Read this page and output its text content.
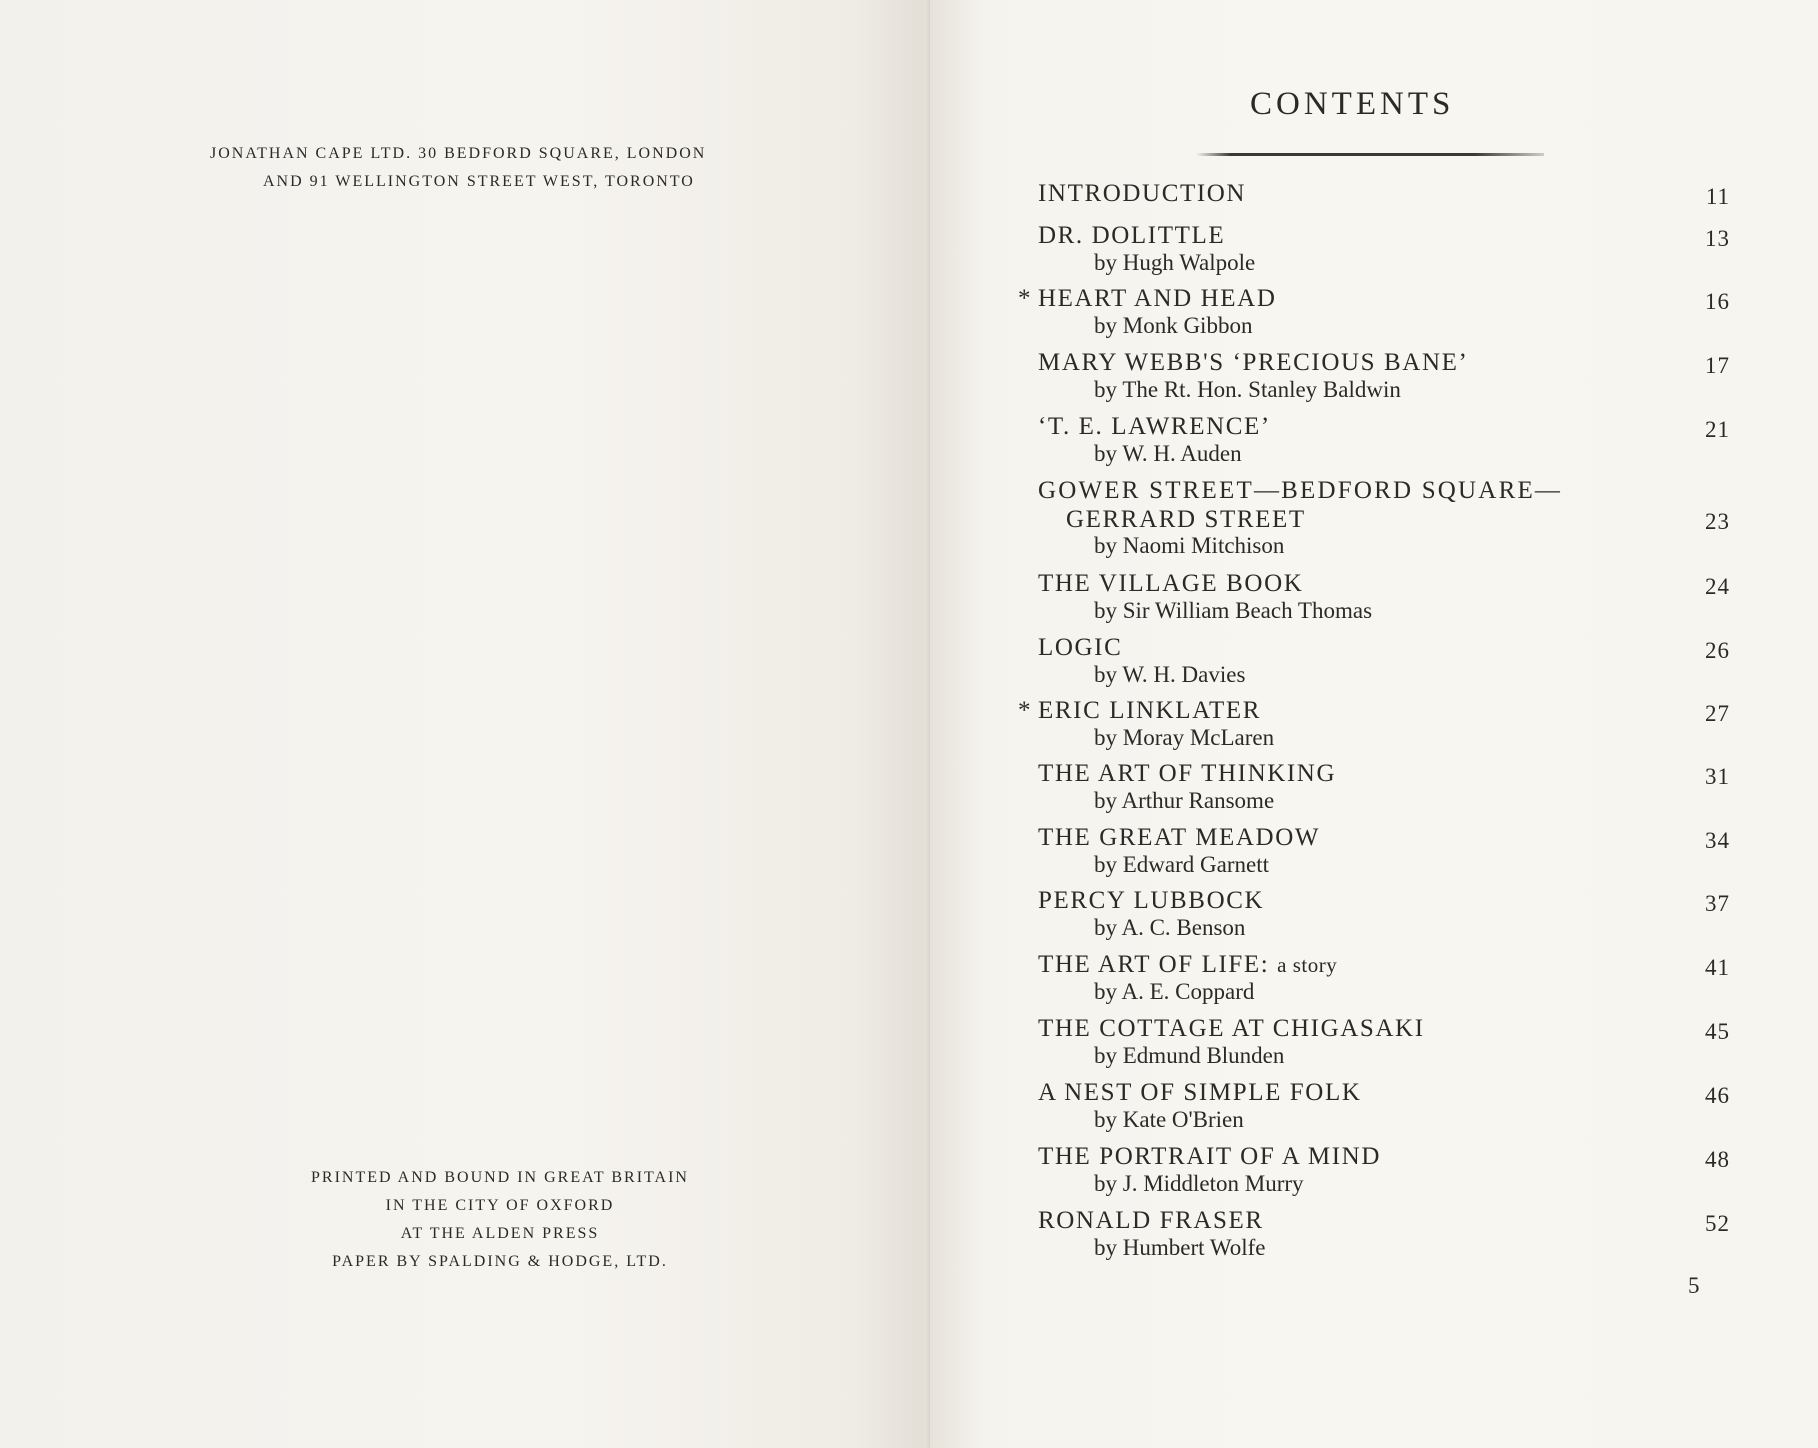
JONATHAN CAPE LTD. 30 BEDFORD SQUARE, LONDON
AND 91 WELLINGTON STREET WEST, TORONTO
PRINTED AND BOUND IN GREAT BRITAIN
IN THE CITY OF OXFORD
AT THE ALDEN PRESS
PAPER BY SPALDING & HODGE, LTD.
CONTENTS
INTRODUCTION	11
DR. DOLITTLE
by Hugh Walpole
13
* HEART AND HEAD
by Monk Gibbon
16
MARY WEBB'S ‘PRECIOUS BANE’
by The Rt. Hon. Stanley Baldwin
17
‘T. E. LAWRENCE’
by W. H. Auden
21
GOWER STREET—BEDFORD SQUARE—
GERRARD STREET
by Naomi Mitchison
23
THE VILLAGE BOOK
by Sir William Beach Thomas
24
LOGIC
by W. H. Davies
26
* ERIC LINKLATER
by Moray McLaren
27
THE ART OF THINKING
by Arthur Ransome
31
THE GREAT MEADOW
by Edward Garnett
34
PERCY LUBBOCK
by A. C. Benson
37
THE ART OF LIFE: a story
by A. E. Coppard
41
THE COTTAGE AT CHIGASAKI
by Edmund Blunden
45
A NEST OF SIMPLE FOLK
by Kate O'Brien
46
THE PORTRAIT OF A MIND
by J. Middleton Murry
48
RONALD FRASER
by Humbert Wolfe
52
5
